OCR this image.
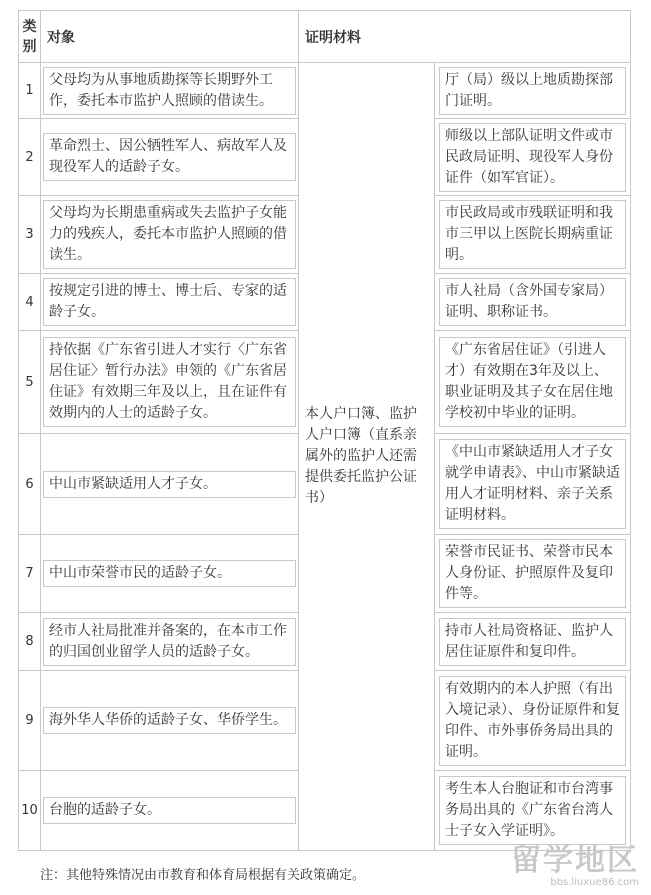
类别	对象	证明材料	

1	父母均为从事地质勘探等长期野外工作，委托本市监护人照顾的借读生。	本人户口簿、监护人户口簿（直系亲属外的监护人还需提供委托监护公证书）	厅（局）级以上地质勘探部门证明。

2	革命烈士、因公牺牲军人、病故军人及现役军人的适龄子女。		师级以上部队证明文件或市民政局证明、现役军人身份证件（如军官证）。

3	父母均为长期患重病或失去监护子女能力的残疾人，委托本市监护人照顾的借读生。		市民政局或市残联证明和我市三甲以上医院长期病重证明。

4	按规定引进的博士、博士后、专家的适龄子女。		市人社局（含外国专家局）证明、职称证书。

5	持依据《广东省引进人才实行〈广东省居住证〉暂行办法》申领的《广东省居住证》有效期三年及以上，且在证件有效期内的人士的适龄子女。		《广东省居住证》（引进人才）有效期在3年及以上、职业证明及其子女在居住地学校初中毕业的证明。

6	中山市紧缺适用人才子女。		《中山市紧缺适用人才子女就学申请表》、中山市紧缺适用人才证明材料、亲子关系证明材料。

7	中山市荣誉市民的适龄子女。		荣誉市民证书、荣誉市民本人身份证、护照原件及复印件等。

8	经市人社局批准并备案的，在本市工作的归国创业留学人员的适龄子女。		持市人社局资格证、监护人居住证原件和复印件。

9	海外华人华侨的适龄子女、华侨学生。		有效期内的本人护照（有出入境记录）、身份证原件和复印件、市外事侨务局出具的证明。

10	台胞的适龄子女。		考生本人台胞证和市台湾事务局出具的《广东省台湾人士子女入学证明》。
注：其他特殊情况由市教育和体育局根据有关政策确定。	留学地区
bbs.liuxue86.com
